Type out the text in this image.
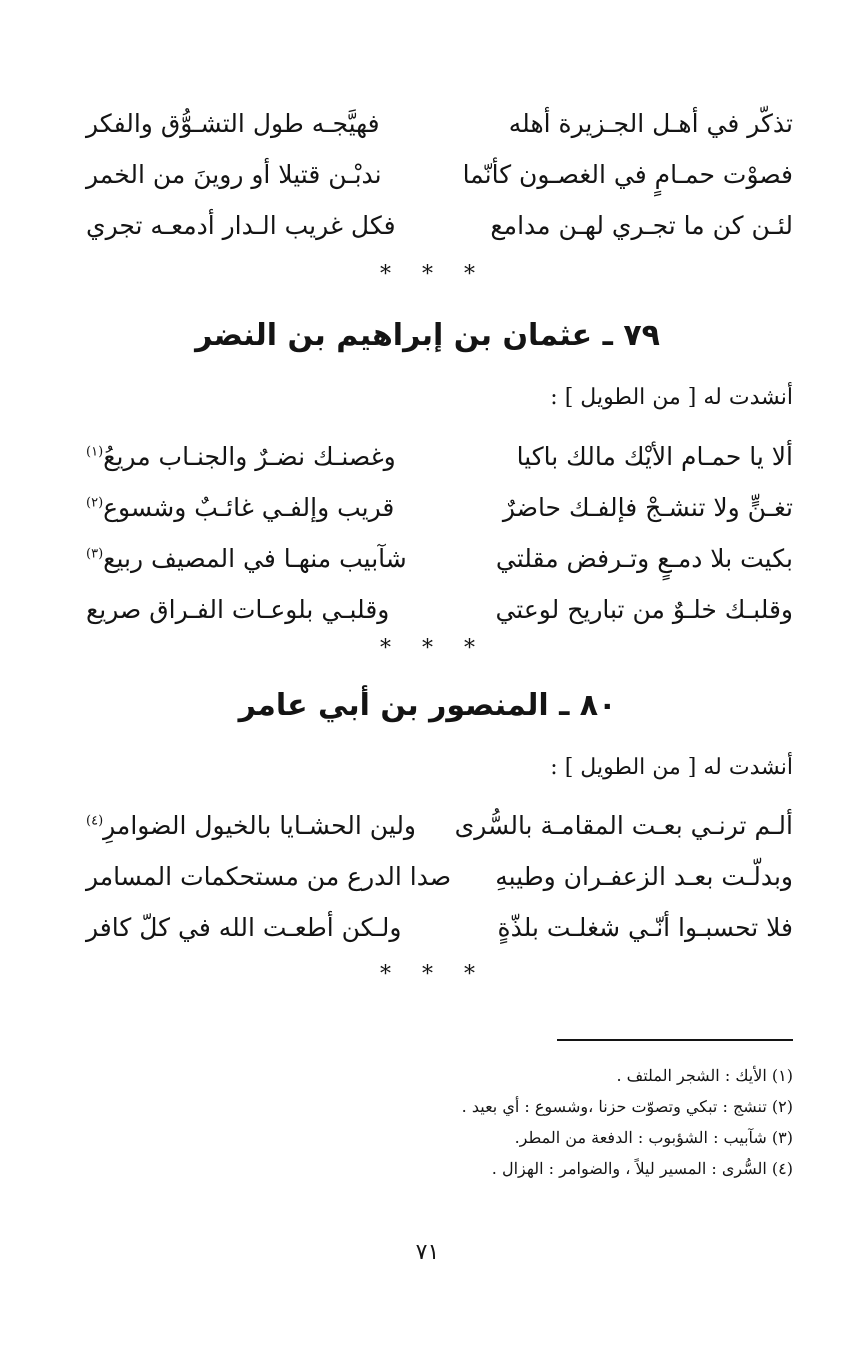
تذكّر في أهـل الجـزيرة أهله
فهيَّجـه طول التشـوُّق والفكر
فصوْت حمـامٍ في الغصـون كأنّما
ندبْـن قتيلا أو روينَ من الخمر
لئـن كن ما تجـري لهـن مدامع
فكل غريب الـدار أدمعـه تجري
* * *
٧٩ ـ عثمان بن إبراهيم بن النضر
أنشدت له [ من الطويل ] :
ألا يا حمـام الأيْك مالك باكيا
وغصنـك نضـرٌ والجنـاب مريعُ$^{(١)}$
تغـنٍّ ولا تنشـجْ فإلفـك حاضرٌ
قريب وإلفـي غائـبٌ وشسوع$^{(٢)}$
بكيت بلا دمـعٍ وتـرفض مقلتي
شآبيب منهـا في المصيف ربيع$^{(٣)}$
وقلبـك خلـوٌ من تباريح لوعتي
وقلبـي بلوعـات الفـراق صريع
* * *
٨٠ ـ المنصور بن أبي عامر
أنشدت له [ من الطويل ] :
ألـم ترنـي بعـت المقامـة بالسُّرى
ولين الحشـايا بالخيول الضوامرِ$^{(٤)}$
وبدلّـت بعـد الزعفـران وطيبهِ
صدا الدرع من مستحكمات المسامر
فلا تحسبـوا أنّـي شغلـت بلذّةٍ
ولـكن أطعـت الله في كلّ كافر
* * *
(١) الأيك : الشجر الملتف .
(٢) تنشج : تبكي وتصوّت حزنا ،وشسوع : أي بعيد .
(٣) شآبيب : الشؤبوب : الدفعة من المطر.
(٤) السُّرى : المسير ليلاً ، والضوامر : الهزال .
٧١
